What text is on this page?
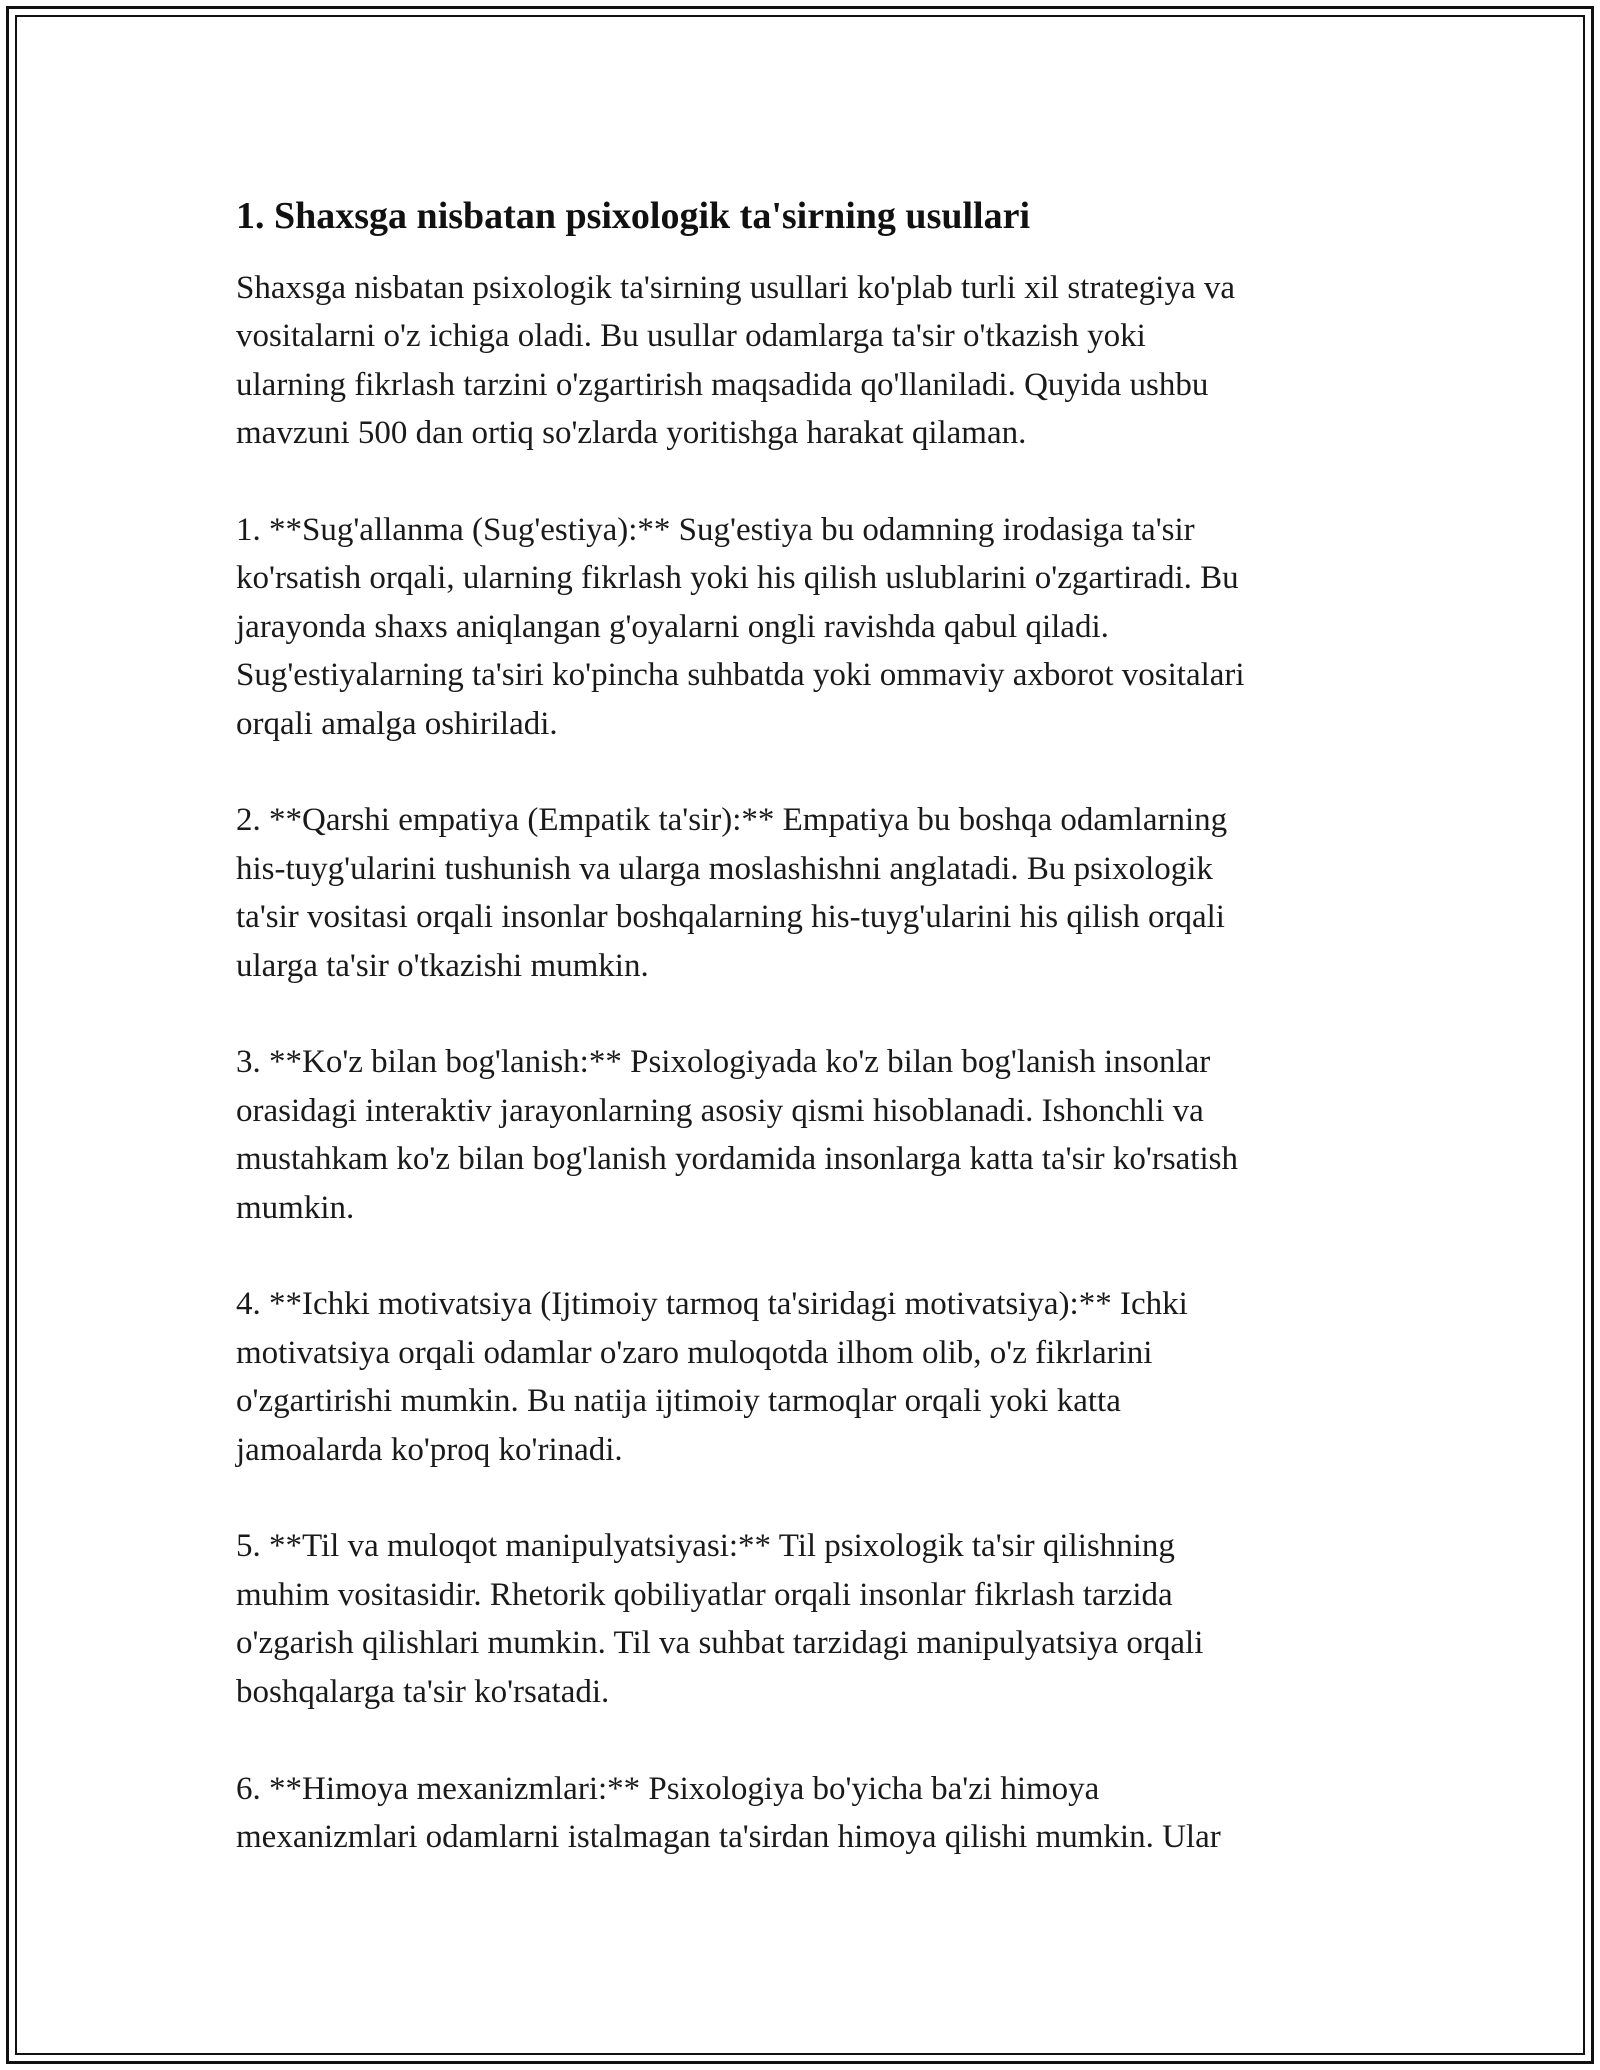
1. Shaxsga nisbatan psixologik ta'sirning usullari

Shaxsga nisbatan psixologik ta'sirning usullari ko'plab turli xil strategiya va
vositalarni o'z ichiga oladi. Bu usullar odamlarga ta'sir o'tkazish yoki
ularning fikrlash tarzini o'zgartirish maqsadida qo'llaniladi. Quyida ushbu
mavzuni 500 dan ortiq so'zlarda yoritishga harakat qilaman.

1. **Sug'allanma (Sug'estiya):** Sug'estiya bu odamning irodasiga ta'sir
ko'rsatish orqali, ularning fikrlash yoki his qilish uslublarini o'zgartiradi. Bu
jarayonda shaxs aniqlangan g'oyalarni ongli ravishda qabul qiladi.
Sug'estiyalarning ta'siri ko'pincha suhbatda yoki ommaviy axborot vositalari
orqali amalga oshiriladi.

2. **Qarshi empatiya (Empatik ta'sir):** Empatiya bu boshqa odamlarning
his-tuyg'ularini tushunish va ularga moslashishni anglatadi. Bu psixologik
ta'sir vositasi orqali insonlar boshqalarning his-tuyg'ularini his qilish orqali
ularga ta'sir o'tkazishi mumkin.

3. **Ko'z bilan bog'lanish:** Psixologiyada ko'z bilan bog'lanish insonlar
orasidagi interaktiv jarayonlarning asosiy qismi hisoblanadi. Ishonchli va
mustahkam ko'z bilan bog'lanish yordamida insonlarga katta ta'sir ko'rsatish
mumkin.

4. **Ichki motivatsiya (Ijtimoiy tarmoq ta'siridagi motivatsiya):** Ichki
motivatsiya orqali odamlar o'zaro muloqotda ilhom olib, o'z fikrlarini
o'zgartirishi mumkin. Bu natija ijtimoiy tarmoqlar orqali yoki katta
jamoalarda ko'proq ko'rinadi.

5. **Til va muloqot manipulyatsiyasi:** Til psixologik ta'sir qilishning
muhim vositasidir. Rhetorik qobiliyatlar orqali insonlar fikrlash tarzida
o'zgarish qilishlari mumkin. Til va suhbat tarzidagi manipulyatsiya orqali
boshqalarga ta'sir ko'rsatadi.

6. **Himoya mexanizmlari:** Psixologiya bo'yicha ba'zi himoya
mexanizmlari odamlarni istalmagan ta'sirdan himoya qilishi mumkin. Ular
